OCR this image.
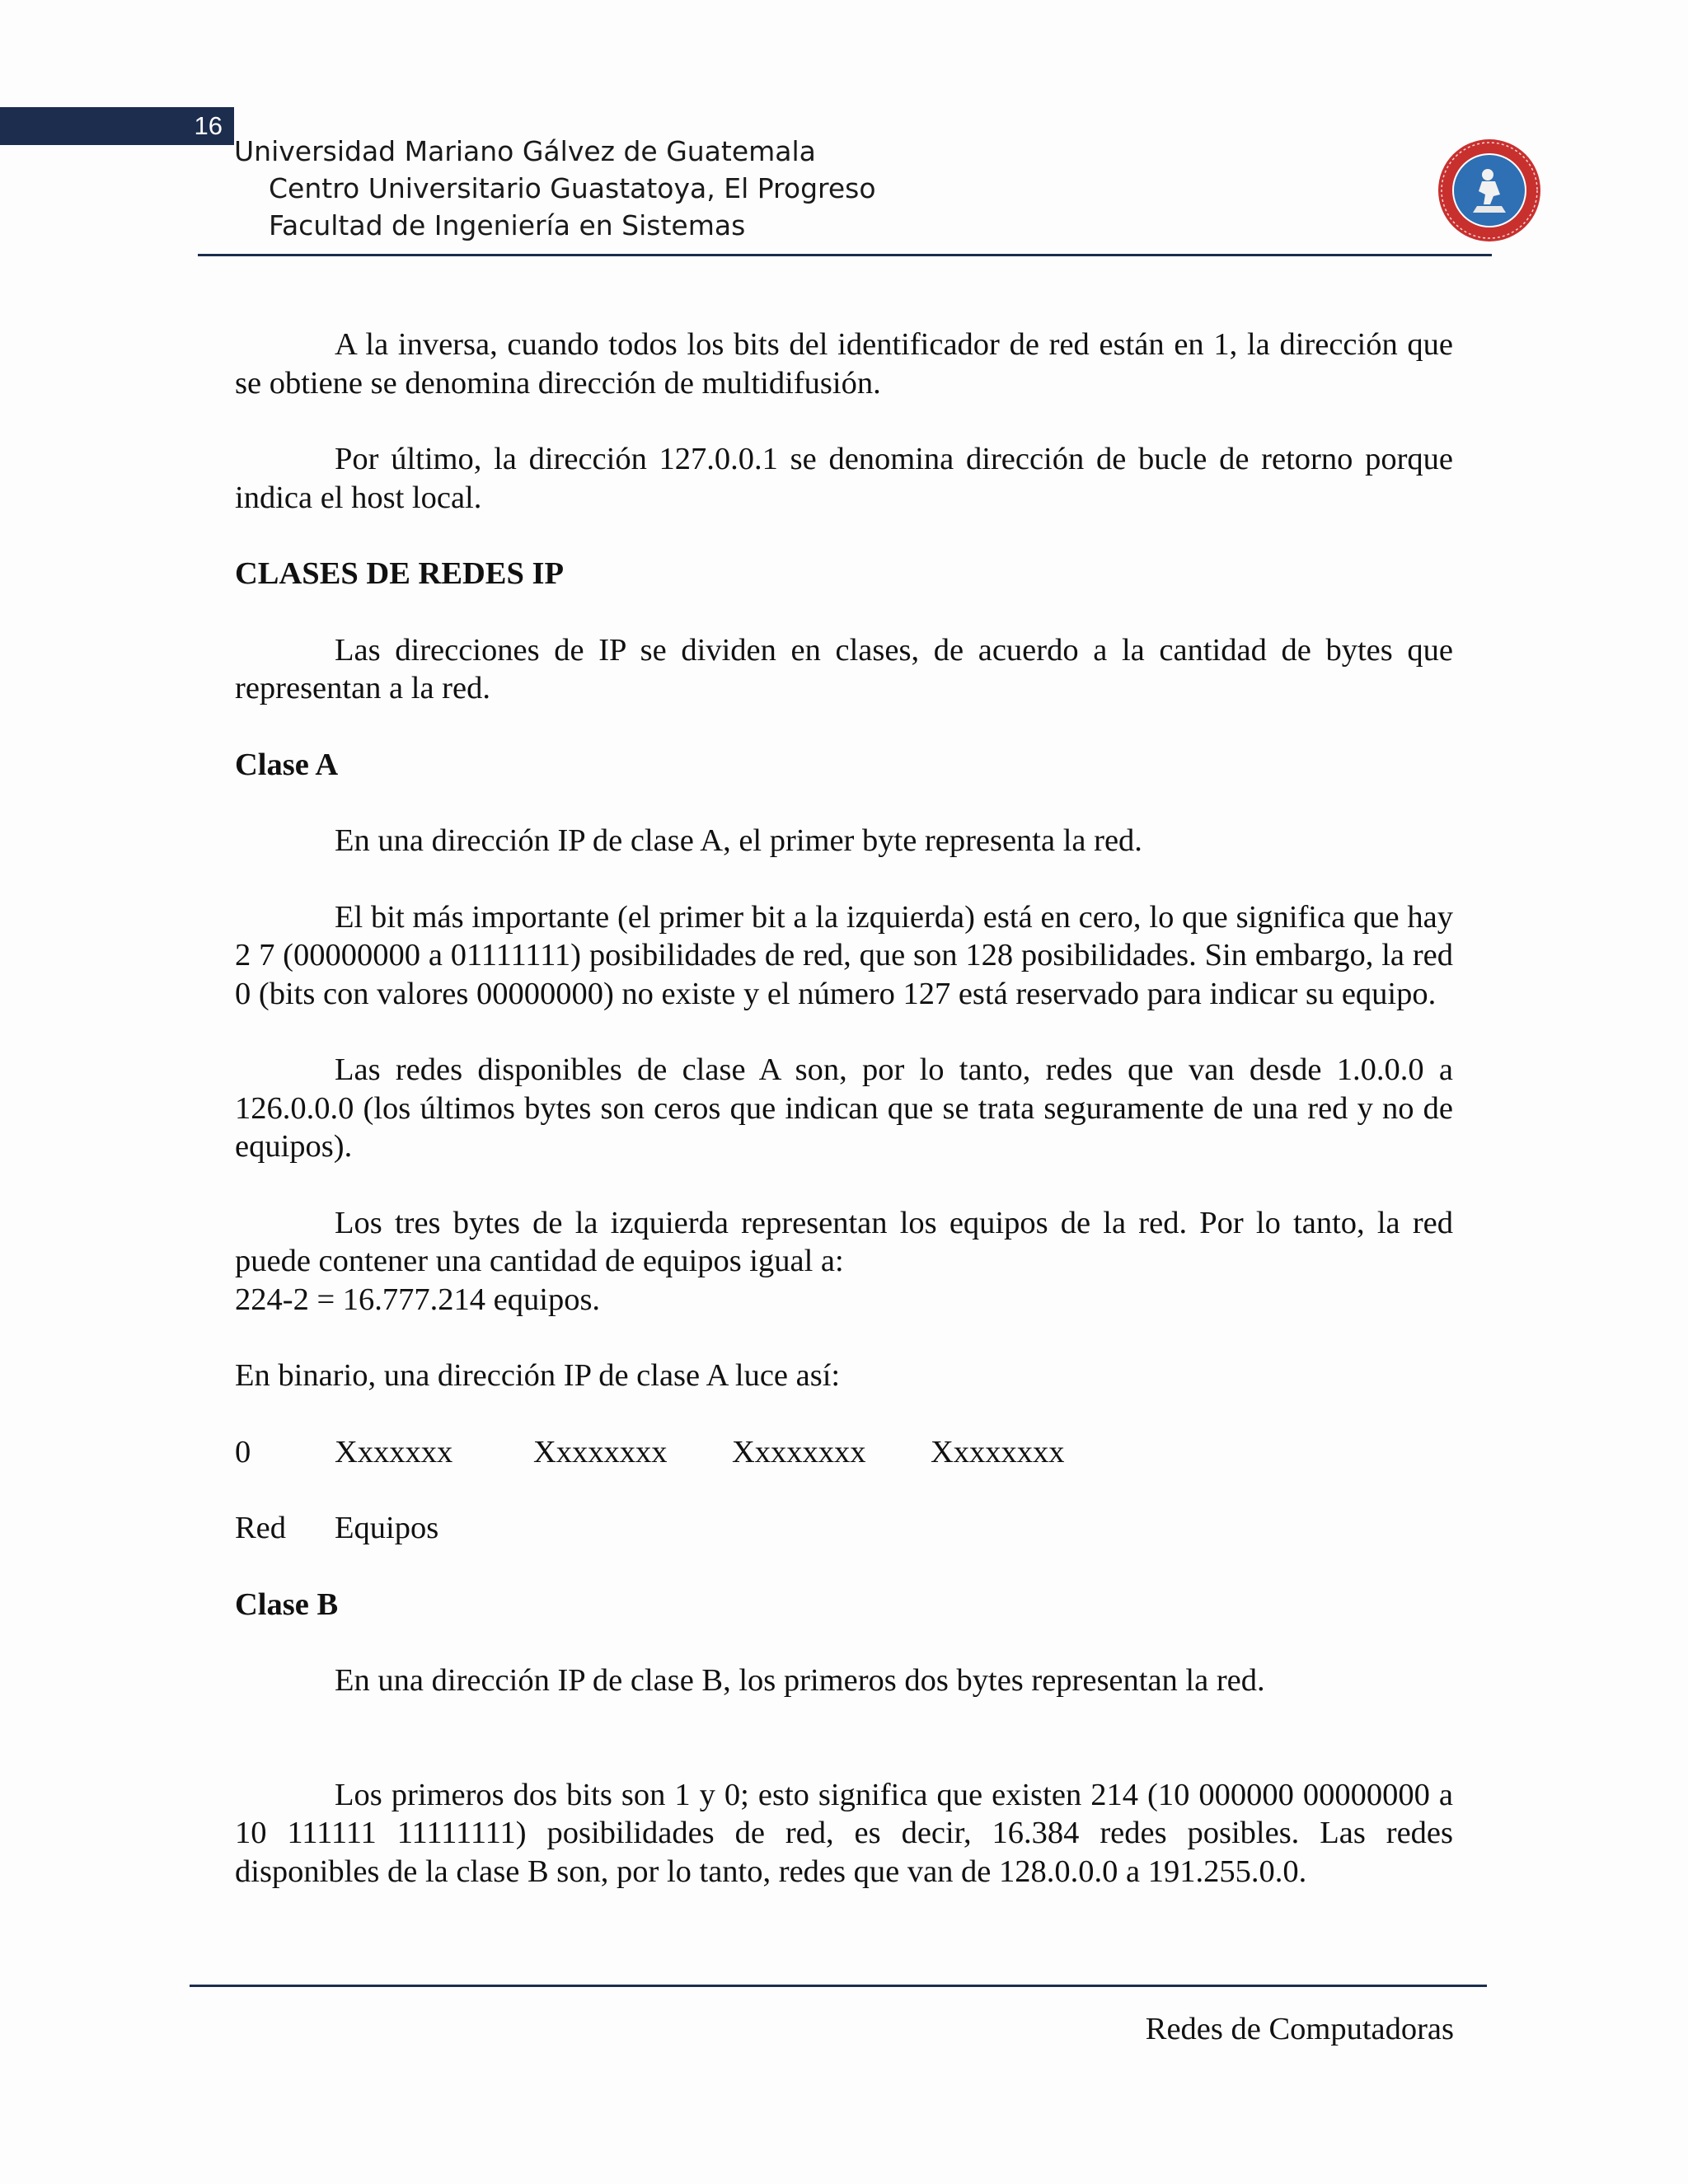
16
Universidad Mariano Gálvez de Guatemala
Centro Universitario Guastatoya, El Progreso
Facultad de Ingeniería en Sistemas

A la inversa, cuando todos los bits del identificador de red están en 1, la dirección que se obtiene se denomina dirección de multidifusión.

Por último, la dirección 127.0.0.1 se denomina dirección de bucle de retorno porque indica el host local.

CLASES DE REDES IP

Las direcciones de IP se dividen en clases, de acuerdo a la cantidad de bytes que representan a la red.

Clase A

En una dirección IP de clase A, el primer byte representa la red.

El bit más importante (el primer bit a la izquierda) está en cero, lo que significa que hay 2 7 (00000000 a 01111111) posibilidades de red, que son 128 posibilidades. Sin embargo, la red 0 (bits con valores 00000000) no existe y el número 127 está reservado para indicar su equipo.

Las redes disponibles de clase A son, por lo tanto, redes que van desde 1.0.0.0 a 126.0.0.0 (los últimos bytes son ceros que indican que se trata seguramente de una red y no de equipos).

Los tres bytes de la izquierda representan los equipos de la red. Por lo tanto, la red puede contener una cantidad de equipos igual a:

224-2 = 16.777.214 equipos.

En binario, una dirección IP de clase A luce así:

0	Xxxxxxx	Xxxxxxxx	Xxxxxxxx	Xxxxxxxx
Red	Equipos

Clase B

En una dirección IP de clase B, los primeros dos bytes representan la red.

Los primeros dos bits son 1 y 0; esto significa que existen 214 (10 000000 00000000 a 10 111111 11111111) posibilidades de red, es decir, 16.384 redes posibles. Las redes disponibles de la clase B son, por lo tanto, redes que van de 128.0.0.0 a 191.255.0.0.

Redes de Computadoras
